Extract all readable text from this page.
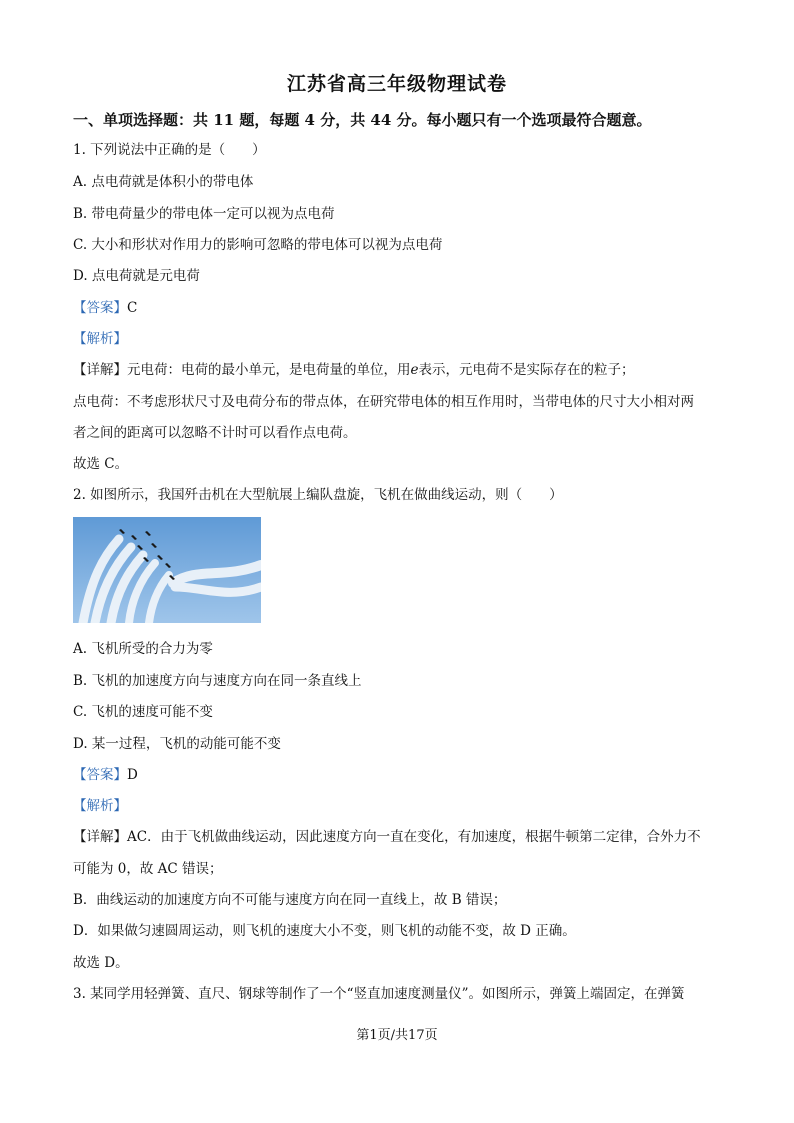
江苏省高三年级物理试卷
一、单项选择题：共 11 题，每题 4 分，共 44 分。每小题只有一个选项最符合题意。
1. 下列说法中正确的是（　　）
A. 点电荷就是体积小的带电体
B. 带电荷量少的带电体一定可以视为点电荷
C. 大小和形状对作用力的影响可忽略的带电体可以视为点电荷
D. 点电荷就是元电荷
【答案】C
【解析】
【详解】元电荷：电荷的最小单元，是电荷量的单位，用e表示，元电荷不是实际存在的粒子；
点电荷：不考虑形状尺寸及电荷分布的带点体，在研究带电体的相互作用时，当带电体的尺寸大小相对两
者之间的距离可以忽略不计时可以看作点电荷。
故选 C。
2. 如图所示，我国歼击机在大型航展上编队盘旋，飞机在做曲线运动，则（　　）
A. 飞机所受的合力为零
B. 飞机的加速度方向与速度方向在同一条直线上
C. 飞机的速度可能不变
D. 某一过程，飞机的动能可能不变
【答案】D
【解析】
【详解】AC．由于飞机做曲线运动，因此速度方向一直在变化，有加速度，根据牛顿第二定律，合外力不
可能为 0，故 AC 错误；
B．曲线运动的加速度方向不可能与速度方向在同一直线上，故 B 错误；
D．如果做匀速圆周运动，则飞机的速度大小不变，则飞机的动能不变，故 D 正确。
故选 D。
3. 某同学用轻弹簧、直尺、钢球等制作了一个“竖直加速度测量仪”。如图所示，弹簧上端固定，在弹簧
第1页/共17页
